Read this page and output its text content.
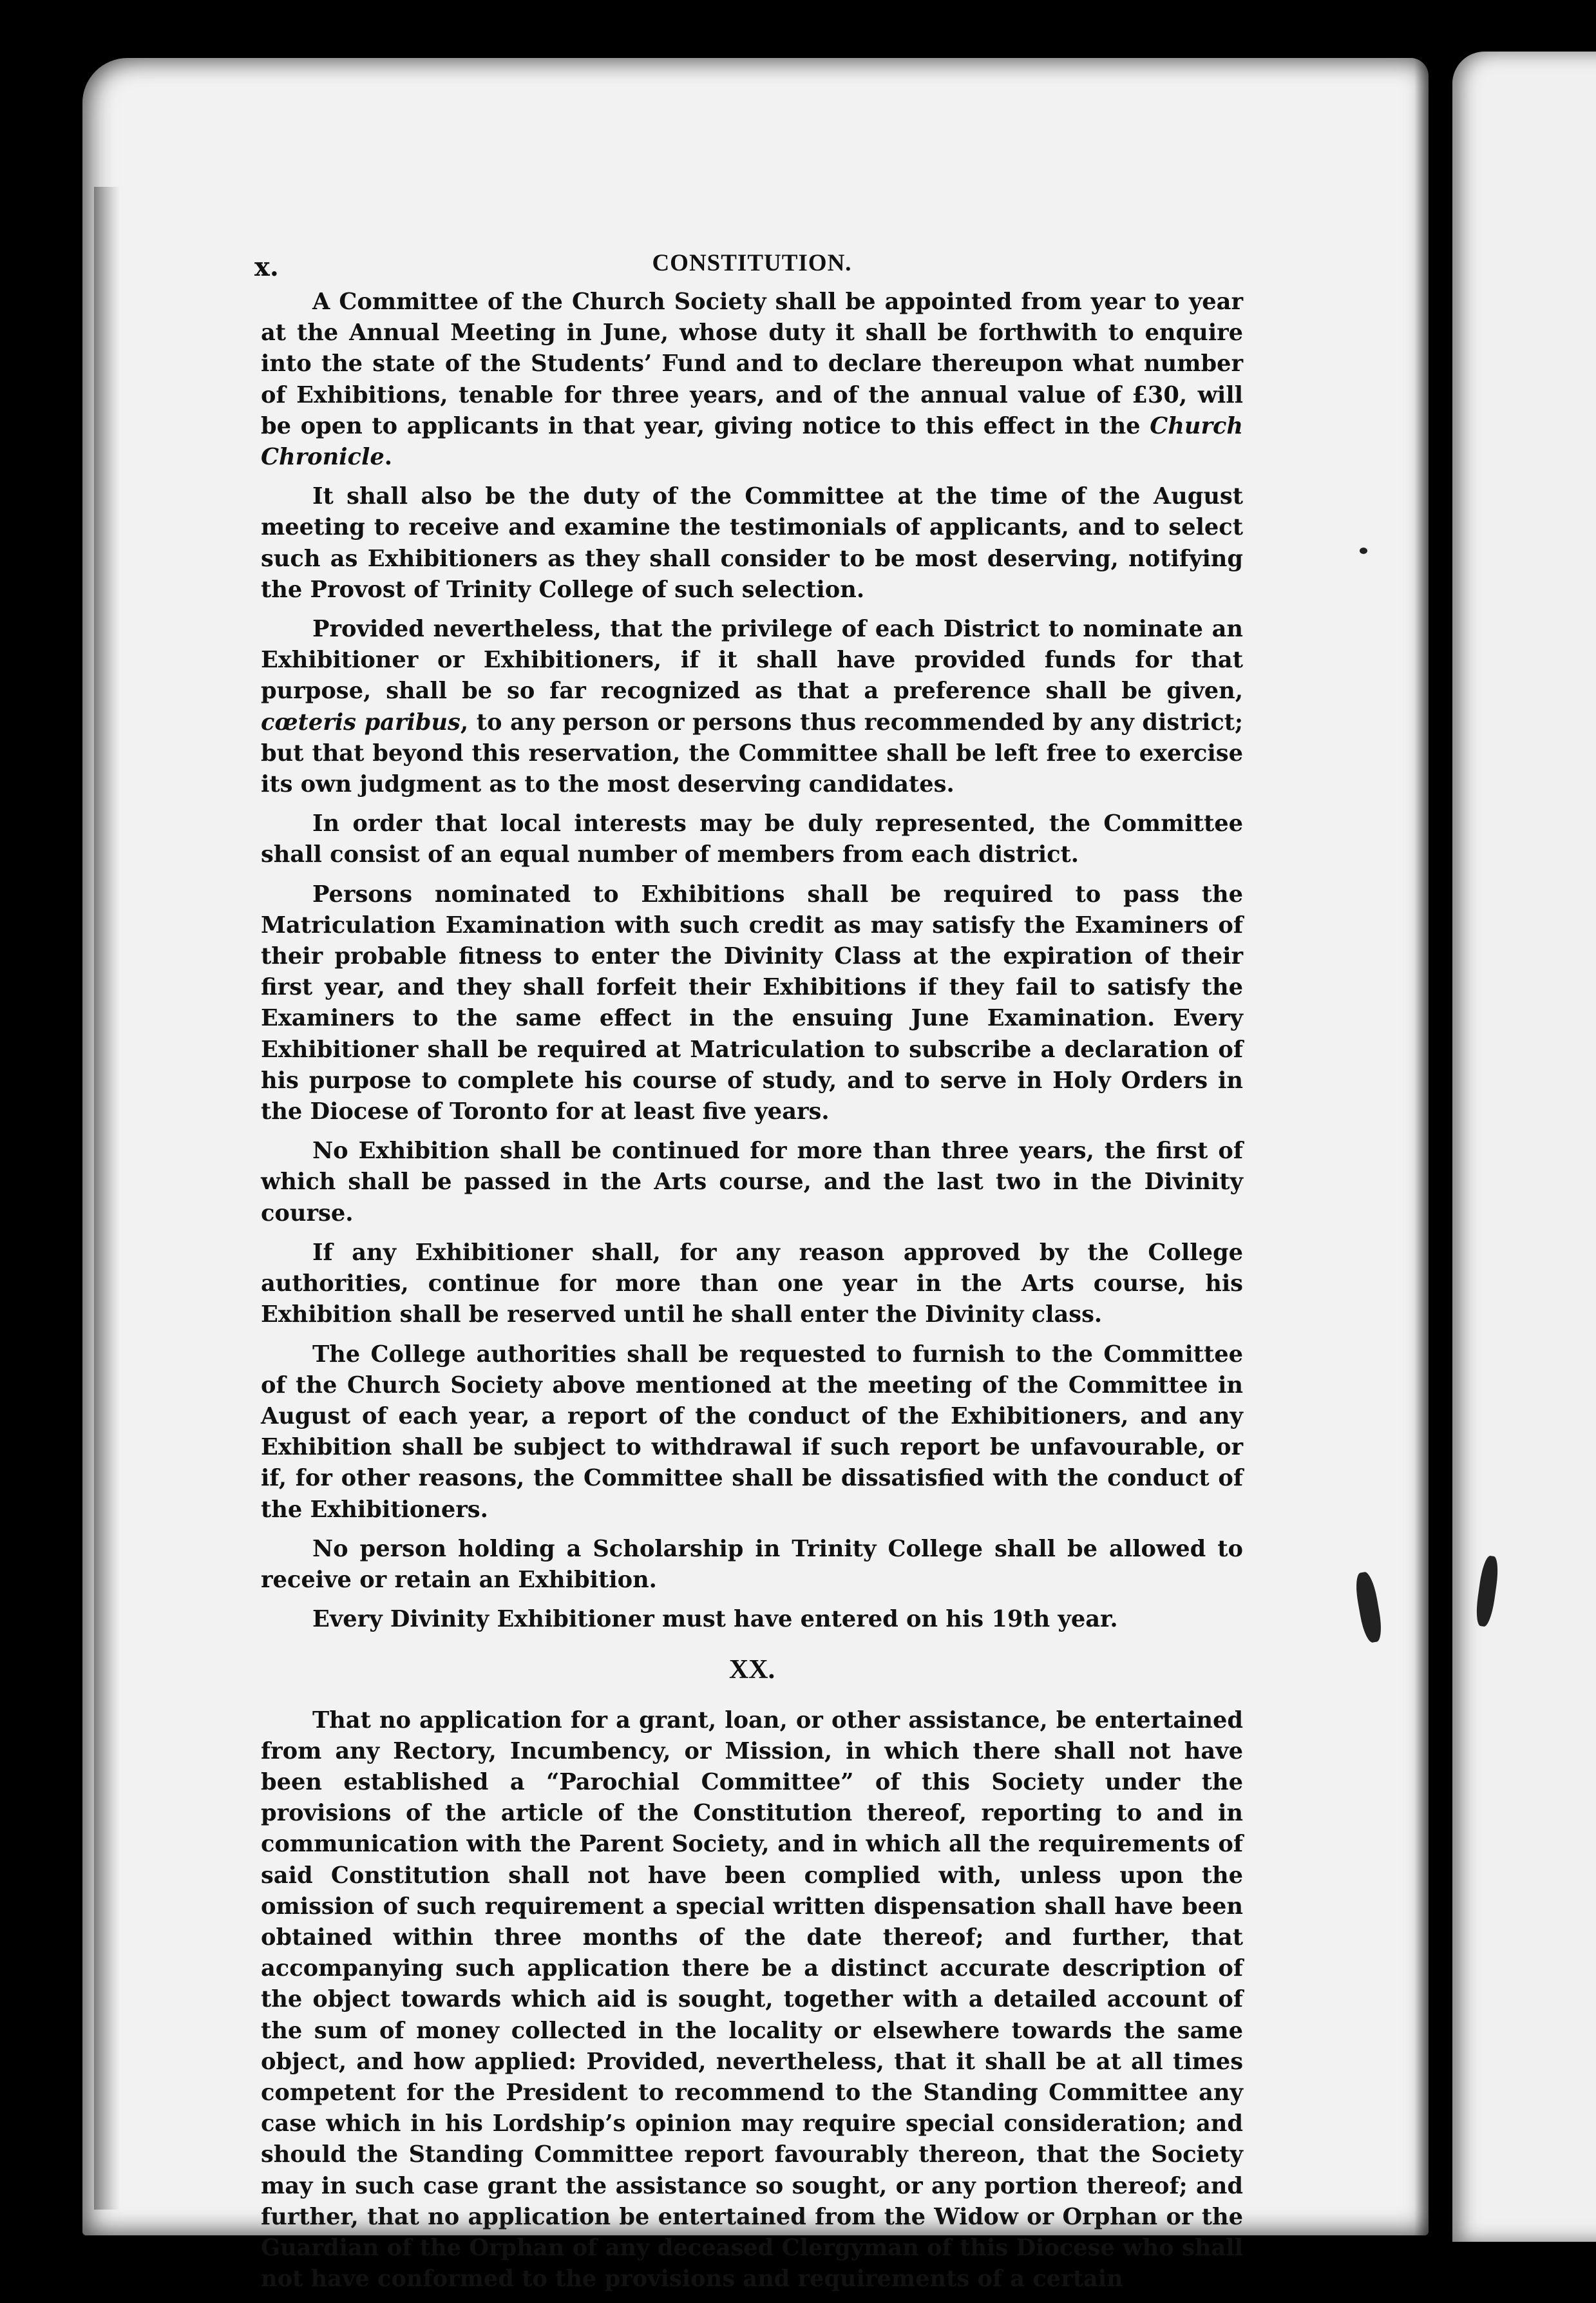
x.	CONSTITUTION.

A Committee of the Church Society shall be appointed from year to year at the Annual Meeting in June, whose duty it shall be forthwith to enquire into the state of the Students’ Fund and to declare thereupon what number of Exhibitions, tenable for three years, and of the annual value of £30, will be open to applicants in that year, giving notice to this effect in the Church Chronicle.

It shall also be the duty of the Committee at the time of the August meeting to receive and examine the testimonials of applicants, and to select such as Exhibitioners as they shall consider to be most deserving, notifying the Provost of Trinity College of such selection.

Provided nevertheless, that the privilege of each District to nominate an Exhibitioner or Exhibitioners, if it shall have provided funds for that purpose, shall be so far recognized as that a preference shall be given, cœteris paribus, to any person or persons thus recommended by any district; but that beyond this reservation, the Committee shall be left free to exercise its own judgment as to the most deserving candidates.

In order that local interests may be duly represented, the Committee shall consist of an equal number of members from each district.

Persons nominated to Exhibitions shall be required to pass the Matriculation Examination with such credit as may satisfy the Examiners of their probable fitness to enter the Divinity Class at the expiration of their first year, and they shall forfeit their Exhibitions if they fail to satisfy the Examiners to the same effect in the ensuing June Examination. Every Exhibitioner shall be required at Matriculation to subscribe a declaration of his purpose to complete his course of study, and to serve in Holy Orders in the Diocese of Toronto for at least five years.

No Exhibition shall be continued for more than three years, the first of which shall be passed in the Arts course, and the last two in the Divinity course.

If any Exhibitioner shall, for any reason approved by the College authorities, continue for more than one year in the Arts course, his Exhibition shall be reserved until he shall enter the Divinity class.

The College authorities shall be requested to furnish to the Committee of the Church Society above mentioned at the meeting of the Committee in August of each year, a report of the conduct of the Exhibitioners, and any Exhibition shall be subject to withdrawal if such report be unfavourable, or if, for other reasons, the Committee shall be dissatisfied with the conduct of the Exhibitioners.

No person holding a Scholarship in Trinity College shall be allowed to receive or retain an Exhibition.

Every Divinity Exhibitioner must have entered on his 19th year.

XX.

That no application for a grant, loan, or other assistance, be entertained from any Rectory, Incumbency, or Mission, in which there shall not have been established a “Parochial Committee” of this Society under the provisions of the article of the Constitution thereof, reporting to and in communication with the Parent Society, and in which all the requirements of said Constitution shall not have been complied with, unless upon the omission of such requirement a special written dispensation shall have been obtained within three months of the date thereof; and further, that accompanying such application there be a distinct accurate description of the object towards which aid is sought, together with a detailed account of the sum of money collected in the locality or elsewhere towards the same object, and how applied: Provided, nevertheless, that it shall be at all times competent for the President to recommend to the Standing Committee any case which in his Lordship’s opinion may require special consideration; and should the Standing Committee report favourably thereon, that the Society may in such case grant the assistance so sought, or any portion thereof; and further, that no application be entertained from the Widow or Orphan or the Guardian of the Orphan of any deceased Clergyman of this Diocese who shall not have conformed to the provisions and requirements of a certain
